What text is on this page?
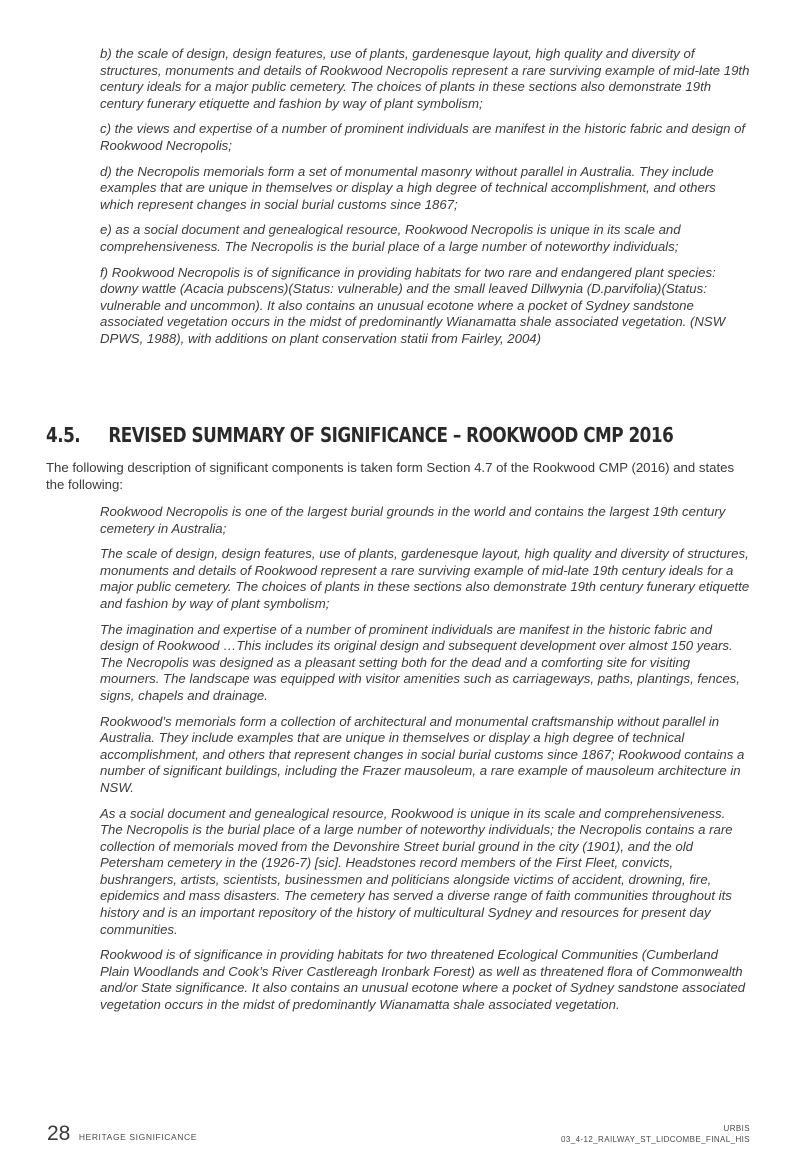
b) the scale of design, design features, use of plants, gardenesque layout, high quality and diversity of structures, monuments and details of Rookwood Necropolis represent a rare surviving example of mid-late 19th century ideals for a major public cemetery. The choices of plants in these sections also demonstrate 19th century funerary etiquette and fashion by way of plant symbolism;

c) the views and expertise of a number of prominent individuals are manifest in the historic fabric and design of Rookwood Necropolis;

d) the Necropolis memorials form a set of monumental masonry without parallel in Australia. They include examples that are unique in themselves or display a high degree of technical accomplishment, and others which represent changes in social burial customs since 1867;

e) as a social document and genealogical resource, Rookwood Necropolis is unique in its scale and comprehensiveness. The Necropolis is the burial place of a large number of noteworthy individuals;

f) Rookwood Necropolis is of significance in providing habitats for two rare and endangered plant species: downy wattle (Acacia pubscens)(Status: vulnerable) and the small leaved Dillwynia (D.parvifolia)(Status: vulnerable and uncommon). It also contains an unusual ecotone where a pocket of Sydney sandstone associated vegetation occurs in the midst of predominantly Wianamatta shale associated vegetation. (NSW DPWS, 1988), with additions on plant conservation statii from Fairley, 2004)

4.5. REVISED SUMMARY OF SIGNIFICANCE – ROOKWOOD CMP 2016

The following description of significant components is taken form Section 4.7 of the Rookwood CMP (2016) and states the following:

Rookwood Necropolis is one of the largest burial grounds in the world and contains the largest 19th century cemetery in Australia;

The scale of design, design features, use of plants, gardenesque layout, high quality and diversity of structures, monuments and details of Rookwood represent a rare surviving example of mid-late 19th century ideals for a major public cemetery. The choices of plants in these sections also demonstrate 19th century funerary etiquette and fashion by way of plant symbolism;

The imagination and expertise of a number of prominent individuals are manifest in the historic fabric and design of Rookwood …This includes its original design and subsequent development over almost 150 years. The Necropolis was designed as a pleasant setting both for the dead and a comforting site for visiting mourners. The landscape was equipped with visitor amenities such as carriageways, paths, plantings, fences, signs, chapels and drainage.

Rookwood’s memorials form a collection of architectural and monumental craftsmanship without parallel in Australia. They include examples that are unique in themselves or display a high degree of technical accomplishment, and others that represent changes in social burial customs since 1867; Rookwood contains a number of significant buildings, including the Frazer mausoleum, a rare example of mausoleum architecture in NSW.

As a social document and genealogical resource, Rookwood is unique in its scale and comprehensiveness. The Necropolis is the burial place of a large number of noteworthy individuals; the Necropolis contains a rare collection of memorials moved from the Devonshire Street burial ground in the city (1901), and the old Petersham cemetery in the (1926-7) [sic]. Headstones record members of the First Fleet, convicts, bushrangers, artists, scientists, businessmen and politicians alongside victims of accident, drowning, fire, epidemics and mass disasters. The cemetery has served a diverse range of faith communities throughout its history and is an important repository of the history of multicultural Sydney and resources for present day communities.

Rookwood is of significance in providing habitats for two threatened Ecological Communities (Cumberland Plain Woodlands and Cook’s River Castlereagh Ironbark Forest) as well as threatened flora of Commonwealth and/or State significance. It also contains an unusual ecotone where a pocket of Sydney sandstone associated vegetation occurs in the midst of predominantly Wianamatta shale associated vegetation.

28 HERITAGE SIGNIFICANCE
URBIS
03_4-12_RAILWAY_ST_LIDCOMBE_FINAL_HIS
